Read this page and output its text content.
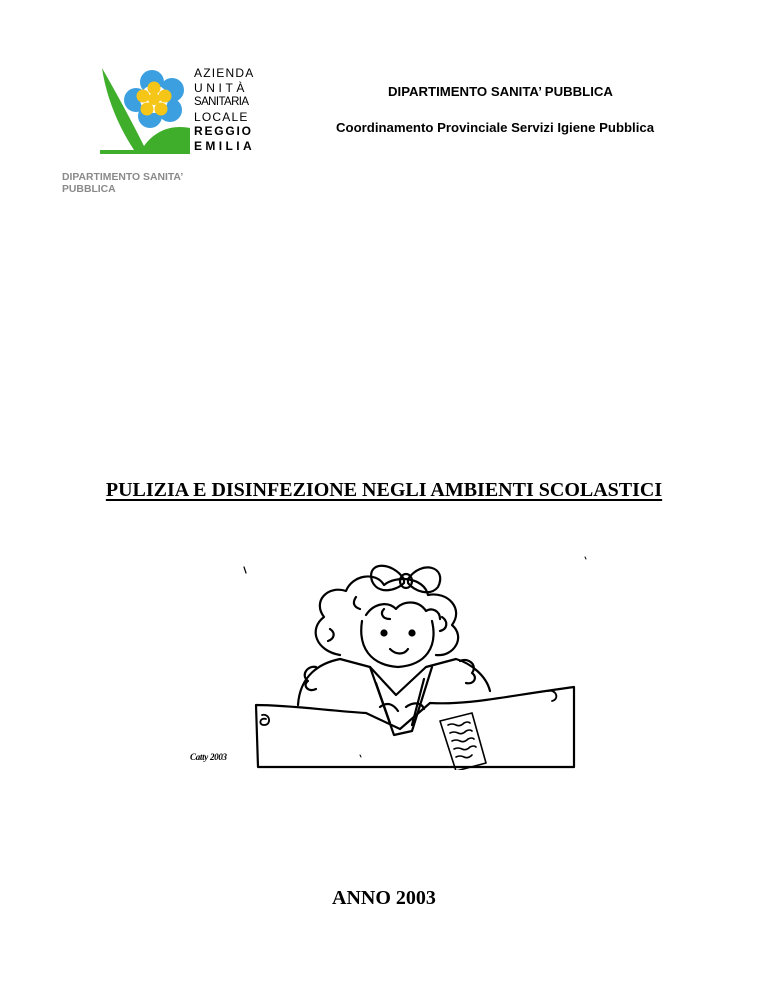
AZIENDA
UNITÀ
SANITARIA
LOCALE
REGGIO
EMILIA
DIPARTIMENTO SANITA’ PUBBLICA
Coordinamento Provinciale Servizi Igiene Pubblica
DIPARTIMENTO SANITA’
PUBBLICA
PULIZIA E DISINFEZIONE NEGLI AMBIENTI SCOLASTICI
Catty 2003
ANNO 2003
